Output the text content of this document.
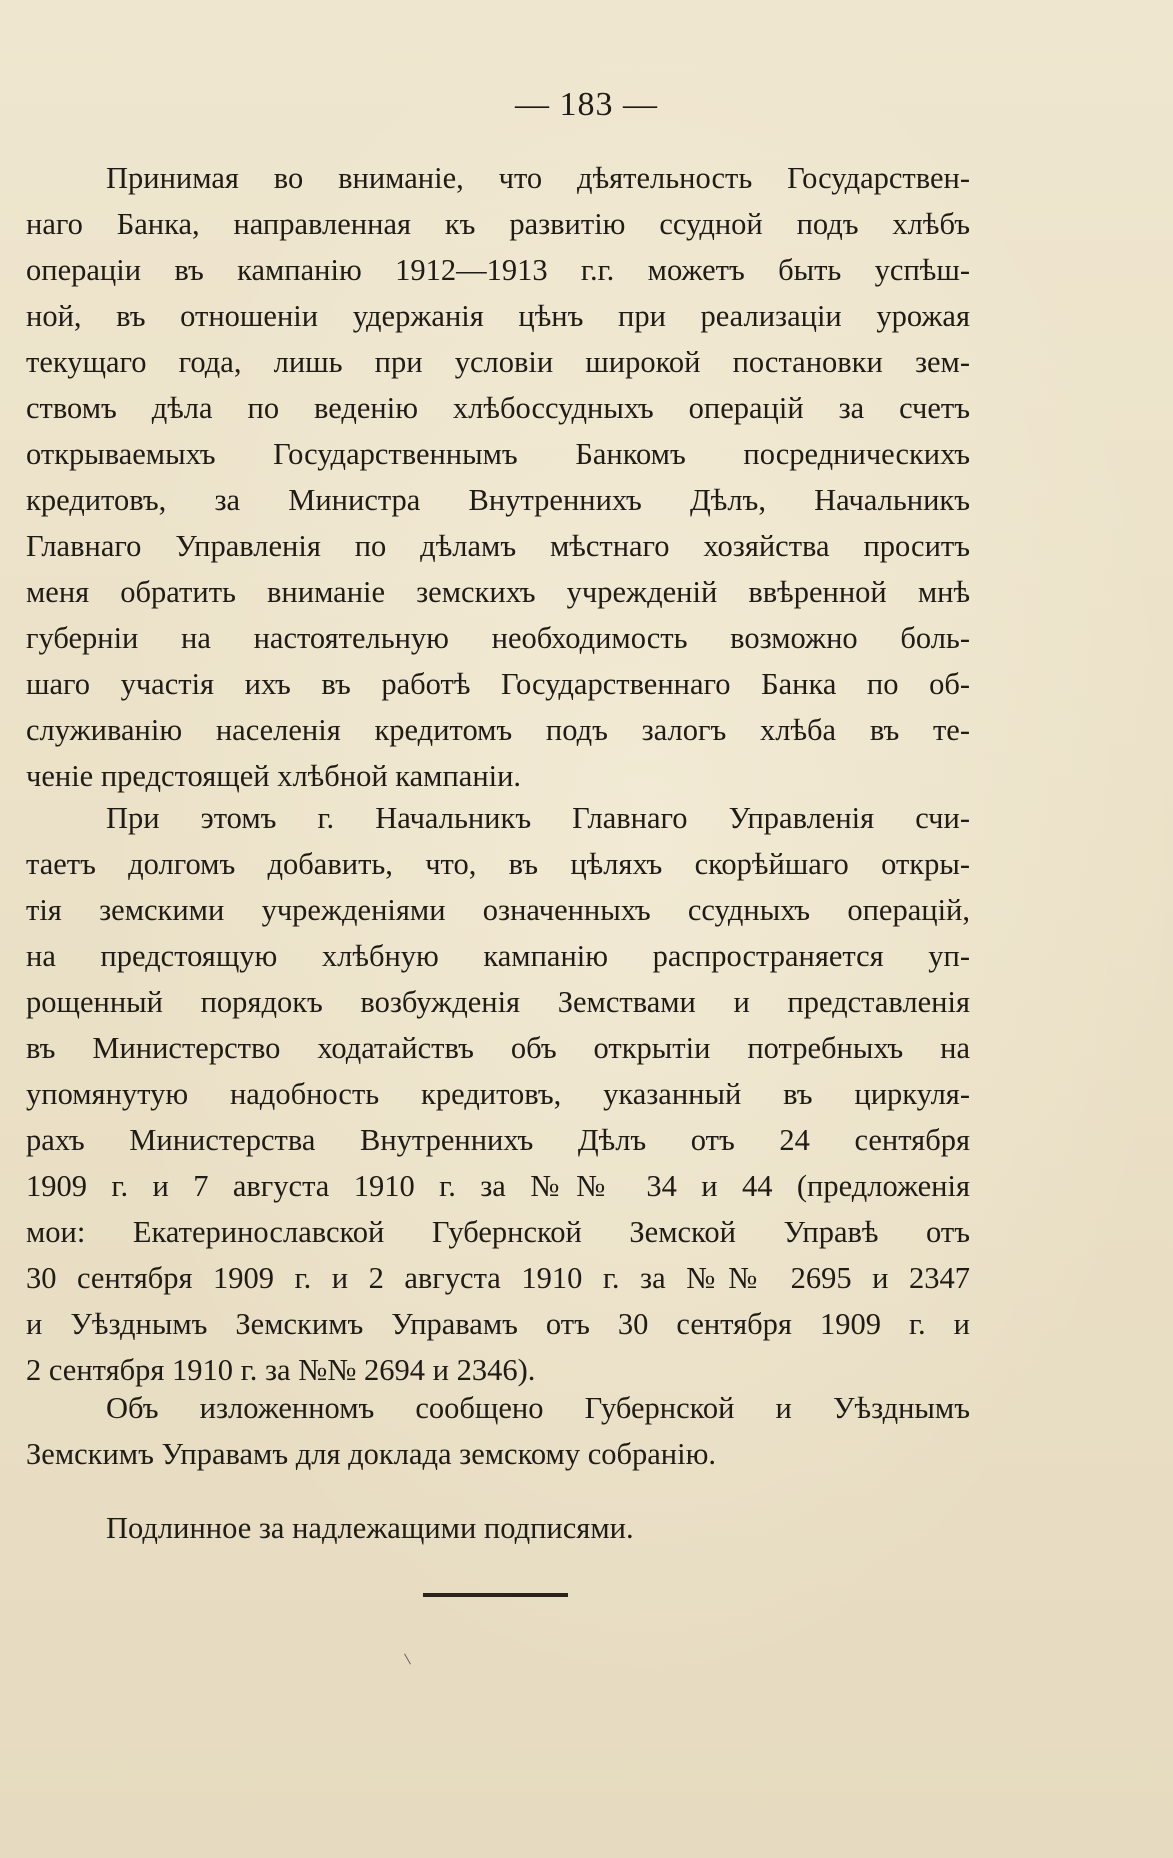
— 183 —
Принимая во вниманіе, что дѣятельность Государствен-
наго Банка, направленная къ развитію ссудной подъ хлѣбъ
операціи въ кампанію 1912—1913 г.г. можетъ быть успѣш-
ной, въ отношеніи удержанія цѣнъ при реализаціи урожая
текущаго года, лишь при условіи широкой постановки зем-
ствомъ дѣла по веденію хлѣбоссудныхъ операцій за счетъ
открываемыхъ Государственнымъ Банкомъ посредническихъ
кредитовъ, за Министра Внутреннихъ Дѣлъ, Начальникъ
Главнаго Управленія по дѣламъ мѣстнаго хозяйства проситъ
меня обратить вниманіе земскихъ учрежденій ввѣренной мнѣ
губерніи на настоятельную необходимость возможно боль-
шаго участія ихъ въ работѣ Государственнаго Банка по об-
служиванію населенія кредитомъ подъ залогъ хлѣба въ те-
ченіе предстоящей хлѣбной кампаніи.
При этомъ г. Начальникъ Главнаго Управленія счи-
таетъ долгомъ добавить, что, въ цѣляхъ скорѣйшаго откры-
тія земскими учрежденіями означенныхъ ссудныхъ операцій,
на предстоящую хлѣбную кампанію распространяется уп-
рощенный порядокъ возбужденія Земствами и представленія
въ Министерство ходатайствъ объ открытіи потребныхъ на
упомянутую надобность кредитовъ, указанный въ циркуля-
рахъ Министерства Внутреннихъ Дѣлъ отъ 24 сентября
1909 г. и 7 августа 1910 г. за №№ 34 и 44 (предложенія
мои: Екатеринославской Губернской Земской Управѣ отъ
30 сентября 1909 г. и 2 августа 1910 г. за №№ 2695 и 2347
и Уѣзднымъ Земскимъ Управамъ отъ 30 сентября 1909 г. и
2 сентября 1910 г. за №№ 2694 и 2346).
Объ изложенномъ сообщено Губернской и Уѣзднымъ
Земскимъ Управамъ для доклада земскому собранію.
Подлинное за надлежащими подписями.
